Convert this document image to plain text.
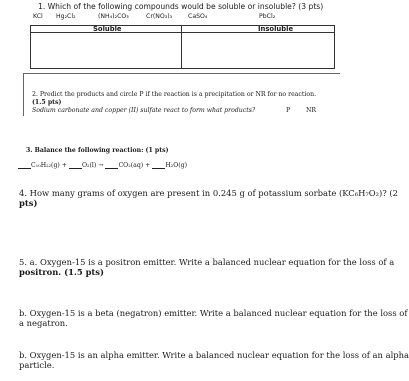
1. Which of the following compounds would be soluble or insoluble? (3 pts)
KCl Hg₂Cl₂	(NH₄)₂CO₃	Cr(NO₃)₃	CaSO₄	PbCl₂
Soluble	Insoluble
2. Predict the products and circle P if the reaction is a precipitation or NR for no reaction.
(1.5 pts)
Sodium carbonate and copper (II) sulfate react to form what products?	P	NR
3. Balance the following reaction: (1 pts)
C₁₀H₂₂(g) + O₂(l) → CO₂(aq) + H₂O(g)
4. How many grams of oxygen are present in 0.245 g of potassium sorbate (KC₆H₇O₂)? (2
pts)
5. a. Oxygen-15 is a positron emitter. Write a balanced nuclear equation for the loss of a
positron. (1.5 pts)
b. Oxygen-15 is a beta (negatron) emitter. Write a balanced nuclear equation for the loss of
a negatron.
b. Oxygen-15 is an alpha emitter. Write a balanced nuclear equation for the loss of an alpha
particle.
